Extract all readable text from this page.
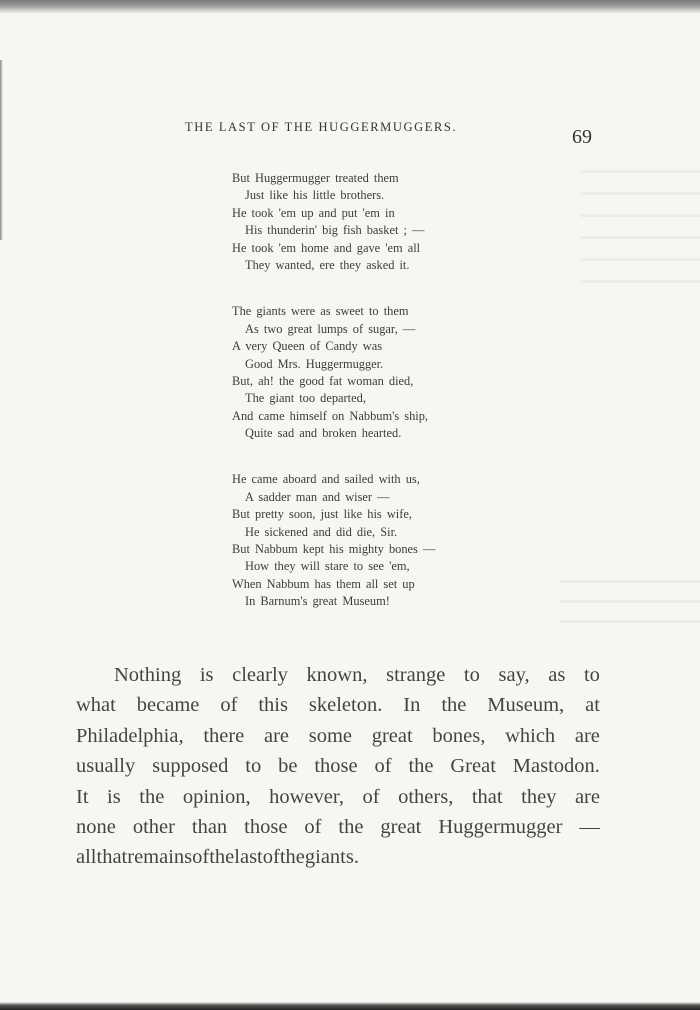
THE LAST OF THE HUGGERMUGGERS.	69
But Huggermugger treated them
Just like his little brothers.
He took 'em up and put 'em in
His thunderin' big fish basket ; —
He took 'em home and gave 'em all
They wanted, ere they asked it.
The giants were as sweet to them
As two great lumps of sugar, —
A very Queen of Candy was
Good Mrs. Huggermugger.
But, ah! the good fat woman died,
The giant too departed,
And came himself on Nabbum's ship,
Quite sad and broken hearted.
He came aboard and sailed with us,
A sadder man and wiser —
But pretty soon, just like his wife,
He sickened and did die, Sir.
But Nabbum kept his mighty bones —
How they will stare to see 'em,
When Nabbum has them all set up
In Barnum's great Museum!
Nothing is clearly known, strange to say, as to
what became of this skeleton. In the Museum, at
Philadelphia, there are some great bones, which are
usually supposed to be those of the Great Mastodon.
It is the opinion, however, of others, that they are
none other than those of the great Huggermugger —
all that remains of the last of the giants.
